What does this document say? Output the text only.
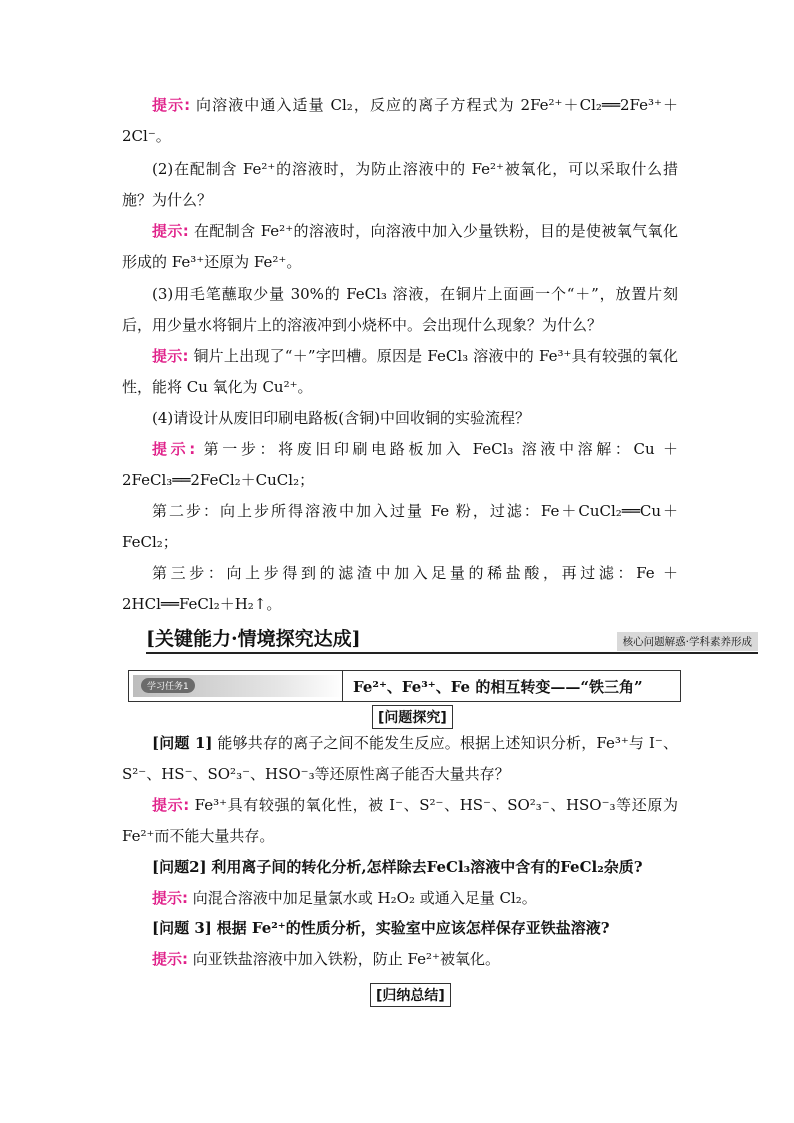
提示: 向溶液中通入适量 Cl₂，反应的离子方程式为 2Fe²⁺＋Cl₂══2Fe³⁺＋2Cl⁻。

(2)在配制含 Fe²⁺的溶液时，为防止溶液中的 Fe²⁺被氧化，可以采取什么措施？为什么？

提示: 在配制含 Fe²⁺的溶液时，向溶液中加入少量铁粉，目的是使被氧气氧化形成的 Fe³⁺还原为 Fe²⁺。

(3)用毛笔蘸取少量 30%的 FeCl₃ 溶液，在铜片上面画一个“＋”，放置片刻后，用少量水将铜片上的溶液冲到小烧杯中。会出现什么现象？为什么？

提示: 铜片上出现了“＋”字凹槽。原因是 FeCl₃ 溶液中的 Fe³⁺具有较强的氧化性，能将 Cu 氧化为 Cu²⁺。

(4)请设计从废旧印刷电路板(含铜)中回收铜的实验流程？

提示: 第一步：将废旧印刷电路板加入 FeCl₃ 溶液中溶解：Cu ＋ 2FeCl₃══2FeCl₂＋CuCl₂；

第二步：向上步所得溶液中加入过量 Fe 粉，过滤：Fe＋CuCl₂══Cu＋FeCl₂；

第三步：向上步得到的滤渣中加入足量的稀盐酸，再过滤：Fe ＋ 2HCl══FeCl₂＋H₂↑。

[关键能力·情境探究达成]	核心问题解惑·学科素养形成
学习任务1	Fe²⁺、Fe³⁺、Fe 的相互转变——“铁三角”
[问题探究]

[问题 1] 能够共存的离子之间不能发生反应。根据上述知识分析，Fe³⁺与 I⁻、S²⁻、HS⁻、SO²₃⁻、HSO⁻₃等还原性离子能否大量共存？

提示: Fe³⁺具有较强的氧化性，被 I⁻、S²⁻、HS⁻、SO²₃⁻、HSO⁻₃等还原为 Fe²⁺而不能大量共存。

[问题2] 利用离子间的转化分析,怎样除去FeCl₃溶液中含有的FeCl₂杂质?

提示: 向混合溶液中加足量氯水或 H₂O₂ 或通入足量 Cl₂。

[问题 3] 根据 Fe²⁺的性质分析，实验室中应该怎样保存亚铁盐溶液?

提示: 向亚铁盐溶液中加入铁粉，防止 Fe²⁺被氧化。

[归纳总结]
